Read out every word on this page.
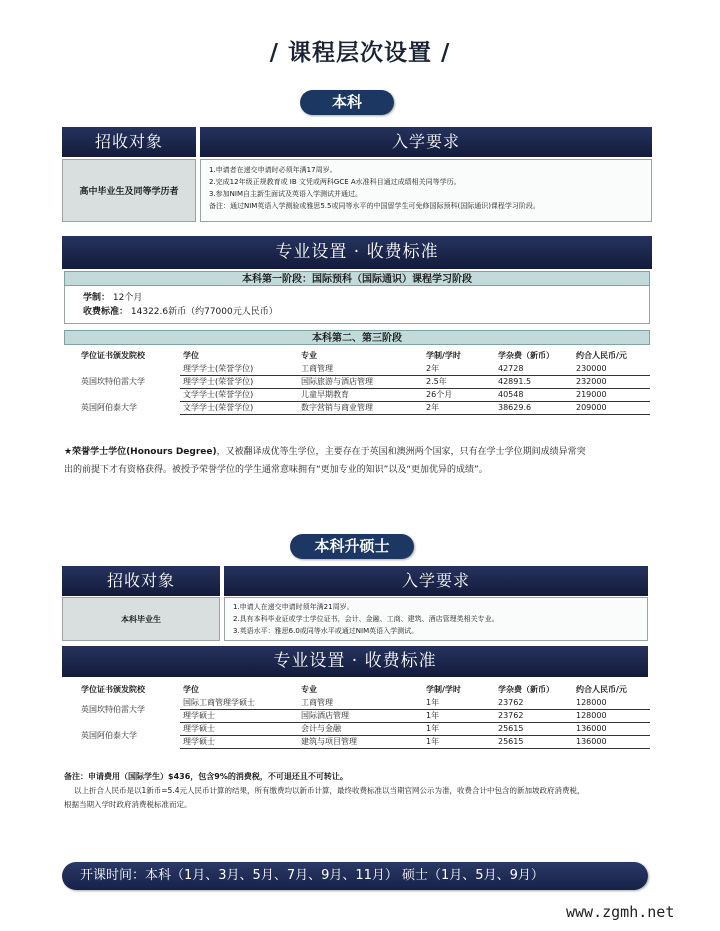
/ 课程层次设置 /
本科
招收对象	入学要求
高中毕业生及同等学历者
1.申请者在递交申请时必须年满17周岁。
2.完成12年级正规教育或 IB 文凭或两科GCE A水准科目通过成绩相关同等学历。
3.参加NIM自主新生面试及英语入学测试并通过。
备注：通过NIM英语入学测验或雅思5.5或同等水平的中国留学生可免修国际预科(国际通识)课程学习阶段。
专业设置 · 收费标准
本科第一阶段：国际预科（国际通识）课程学习阶段
学制： 12个月
收费标准： 14322.6新币（约77000元人民币）
本科第二、第三阶段
学位证书颁发院校	学位	专业	学制/学时	学杂费（新币）	约合人民币/元
英国坎特伯雷大学	理学学士(荣誉学位)	工商管理	2年	42728	230000
	理学学士(荣誉学位)	国际旅游与酒店管理	2.5年	42891.5	232000
	文学学士(荣誉学位)	儿童早期教育	26个月	40548	219000
英国阿伯泰大学	文学学士(荣誉学位)	数字营销与商业管理	2年	38629.6	209000
★荣誉学士学位(Honours Degree)，又被翻译成优等生学位，主要存在于英国和澳洲两个国家，只有在学士学位期间成绩异常突
出的前提下才有资格获得。被授予荣誉学位的学生通常意味拥有“更加专业的知识”以及“更加优异的成绩”。
本科升硕士
招收对象	入学要求
本科毕业生
1.申请人在递交申请时须年满21周岁。
2.具有本科毕业证或学士学位证书，会计、金融、工商、建筑、酒店管理类相关专业。
3.英语水平：雅思6.0或同等水平或通过NIM英语入学测试。
专业设置 · 收费标准
学位证书颁发院校	学位	专业	学制/学时	学杂费（新币）	约合人民币/元
英国坎特伯雷大学	国际工商管理学硕士	工商管理	1年	23762	128000
	理学硕士	国际酒店管理	1年	23762	128000
英国阿伯泰大学	理学硕士	会计与金融	1年	25615	136000
	理学硕士	建筑与项目管理	1年	25615	136000
备注：申请费用（国际学生）$436，包含9%的消费税，不可退还且不可转让。
以上折合人民币是以1新币=5.4元人民币计算的结果，所有缴费均以新币计算，最终收费标准以当期官网公示为准，收费合计中包含的新加坡政府消费税，
根据当期入学时政府消费税标准而定。
开课时间：本科（1月、3月、5月、7月、9月、11月） 硕士（1月、5月、9月）
www.zgmh.net
